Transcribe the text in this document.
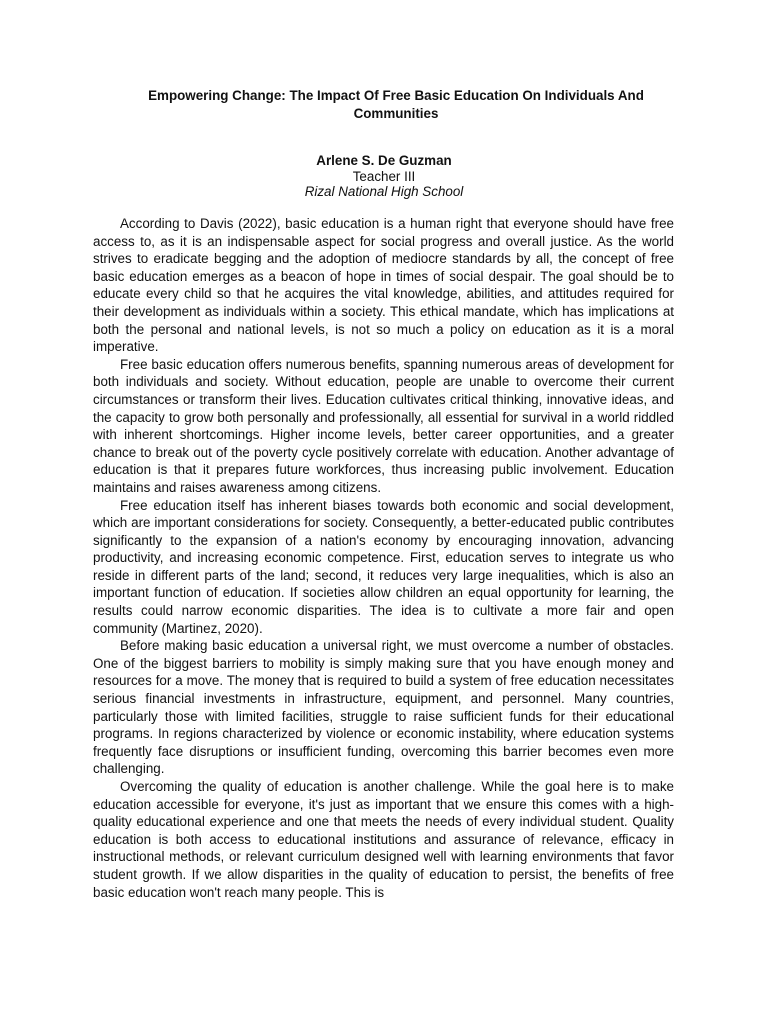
Empowering Change: The Impact Of Free Basic Education On Individuals And Communities
Arlene S. De Guzman
Teacher III
Rizal National High School

According to Davis (2022), basic education is a human right that everyone should have free access to, as it is an indispensable aspect for social progress and overall justice. As the world strives to eradicate begging and the adoption of mediocre standards by all, the concept of free basic education emerges as a beacon of hope in times of social despair. The goal should be to educate every child so that he acquires the vital knowledge, abilities, and attitudes required for their development as individuals within a society. This ethical mandate, which has implications at both the personal and national levels, is not so much a policy on education as it is a moral imperative.

Free basic education offers numerous benefits, spanning numerous areas of development for both individuals and society. Without education, people are unable to overcome their current circumstances or transform their lives. Education cultivates critical thinking, innovative ideas, and the capacity to grow both personally and professionally, all essential for survival in a world riddled with inherent shortcomings. Higher income levels, better career opportunities, and a greater chance to break out of the poverty cycle positively correlate with education. Another advantage of education is that it prepares future workforces, thus increasing public involvement. Education maintains and raises awareness among citizens.

Free education itself has inherent biases towards both economic and social development, which are important considerations for society. Consequently, a better-educated public contributes significantly to the expansion of a nation's economy by encouraging innovation, advancing productivity, and increasing economic competence. First, education serves to integrate us who reside in different parts of the land; second, it reduces very large inequalities, which is also an important function of education. If societies allow children an equal opportunity for learning, the results could narrow economic disparities. The idea is to cultivate a more fair and open community (Martinez, 2020).

Before making basic education a universal right, we must overcome a number of obstacles. One of the biggest barriers to mobility is simply making sure that you have enough money and resources for a move. The money that is required to build a system of free education necessitates serious financial investments in infrastructure, equipment, and personnel. Many countries, particularly those with limited facilities, struggle to raise sufficient funds for their educational programs. In regions characterized by violence or economic instability, where education systems frequently face disruptions or insufficient funding, overcoming this barrier becomes even more challenging.

Overcoming the quality of education is another challenge. While the goal here is to make education accessible for everyone, it's just as important that we ensure this comes with a high-quality educational experience and one that meets the needs of every individual student. Quality education is both access to educational institutions and assurance of relevance, efficacy in instructional methods, or relevant curriculum designed well with learning environments that favor student growth. If we allow disparities in the quality of education to persist, the benefits of free basic education won't reach many people. This is
